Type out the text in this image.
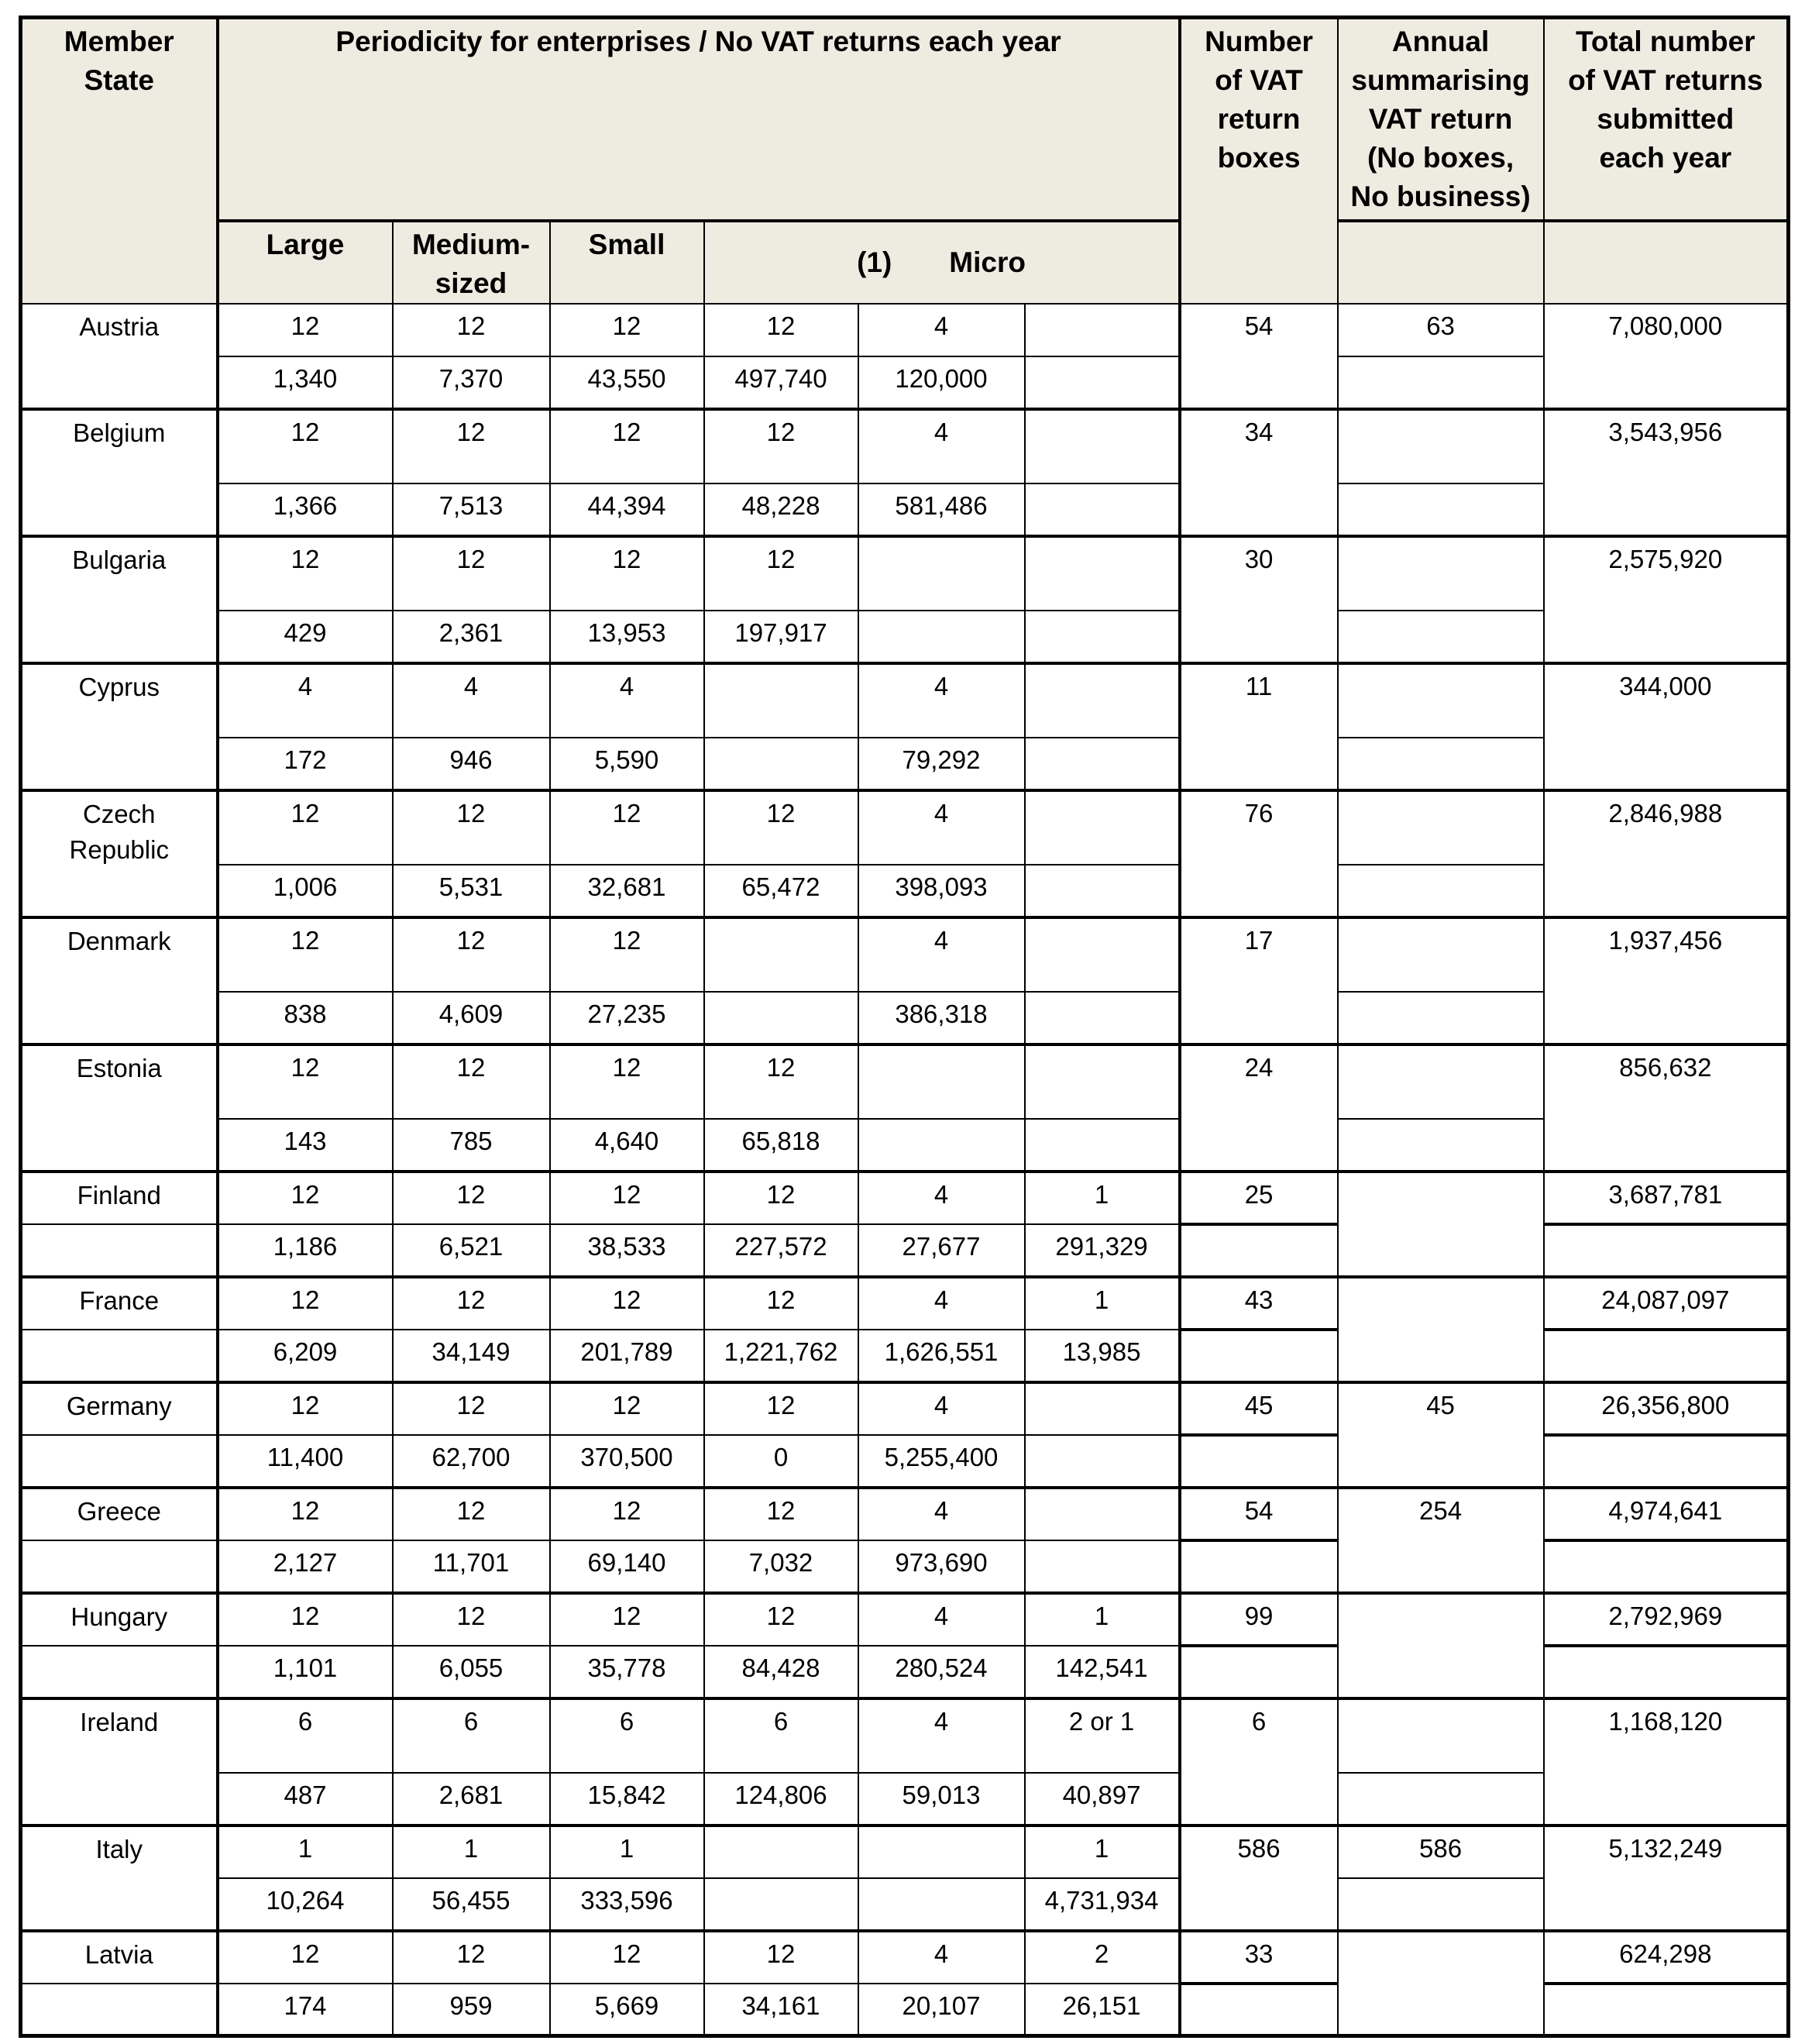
Member
State	Periodicity for enterprises / No VAT returns each year						Number
of VAT
return
boxes	Annual
summarising
VAT return
(No boxes,
No business)	Total number
of VAT returns
submitted
each year
	Large	Medium-
sized	Small	(1) Micro					
Austria	12	12	12	12	4		54	63	7,080,000
	1,340	7,370	43,550	497,740	120,000				
Belgium	12	12	12	12	4		34		3,543,956
	1,366	7,513	44,394	48,228	581,486				
Bulgaria	12	12	12	12			30		2,575,920
	429	2,361	13,953	197,917					
Cyprus	4	4	4		4		11		344,000
	172	946	5,590		79,292				
Czech
Republic	12	12	12	12	4		76		2,846,988
	1,006	5,531	32,681	65,472	398,093				
Denmark	12	12	12		4		17		1,937,456
	838	4,609	27,235		386,318				
Estonia	12	12	12	12			24		856,632
	143	785	4,640	65,818					
Finland	12	12	12	12	4	1	25		3,687,781
	1,186	6,521	38,533	227,572	27,677	291,329			
France	12	12	12	12	4	1	43		24,087,097
	6,209	34,149	201,789	1,221,762	1,626,551	13,985			
Germany	12	12	12	12	4		45	45	26,356,800
	11,400	62,700	370,500	0	5,255,400				
Greece	12	12	12	12	4		54	254	4,974,641
	2,127	11,701	69,140	7,032	973,690				
Hungary	12	12	12	12	4	1	99		2,792,969
	1,101	6,055	35,778	84,428	280,524	142,541			
Ireland	6	6	6	6	4	2 or 1	6		1,168,120
	487	2,681	15,842	124,806	59,013	40,897			
Italy	1	1	1			1	586	586	5,132,249
	10,264	56,455	333,596			4,731,934			
Latvia	12	12	12	12	4	2	33		624,298
	174	959	5,669	34,161	20,107	26,151			
